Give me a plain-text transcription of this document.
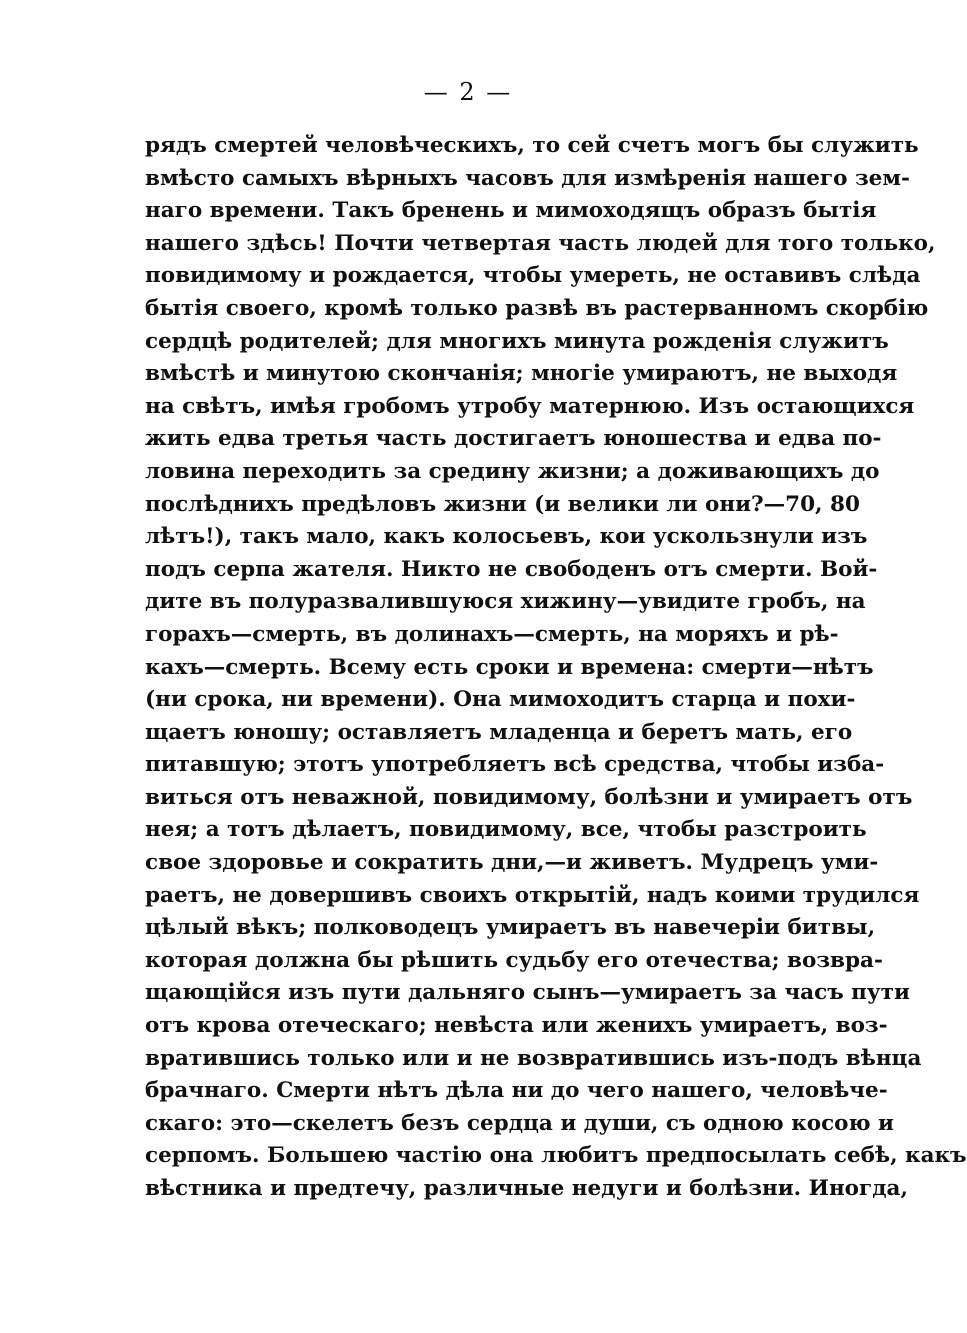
— 2 —
рядъ смертей человѣческихъ, то сей счетъ могъ бы служить
вмѣсто самыхъ вѣрныхъ часовъ для измѣренія нашего зем-
наго времени. Такъ бренень и мимоходящъ образъ бытія
нашего здѣсь! Почти четвертая часть людей для того только,
повидимому и рождается, чтобы умереть, не оставивъ слѣда
бытія своего, кромѣ только развѣ въ растерванномъ скорбію
сердцѣ родителей; для многихъ минута рожденія служитъ
вмѣстѣ и минутою скончанія; многіе умираютъ, не выходя
на свѣтъ, имѣя гробомъ утробу матернюю. Изъ остающихся
жить едва третья часть достигаетъ юношества и едва по-
ловина переходить за средину жизни; а доживающихъ до
послѣднихъ предѣловъ жизни (и велики ли они?—70, 80
лѣтъ!), такъ мало, какъ колосьевъ, кои ускользнули изъ
подъ серпа жателя. Никто не свободенъ отъ смерти. Вой-
дите въ полуразвалившуюся хижину—увидите гробъ, на
горахъ—смерть, въ долинахъ—смерть, на моряхъ и рѣ-
кахъ—смерть. Всему есть сроки и времена: смерти—нѣтъ
(ни срока, ни времени). Она мимоходитъ старца и похи-
щаетъ юношу; оставляетъ младенца и беретъ мать, его
питавшую; этотъ употребляетъ всѣ средства, чтобы изба-
виться отъ неважной, повидимому, болѣзни и умираетъ отъ
нея; а тотъ дѣлаетъ, повидимому, все, чтобы разстроить
свое здоровье и сократить дни,—и живетъ. Мудрецъ уми-
раетъ, не довершивъ своихъ открытій, надъ коими трудился
цѣлый вѣкъ; полководецъ умираетъ въ навечеріи битвы,
которая должна бы рѣшить судьбу его отечества; возвра-
щающійся изъ пути дальняго сынъ—умираетъ за часъ пути
отъ крова отеческаго; невѣста или женихъ умираетъ, воз-
вратившись только или и не возвратившись изъ-подъ вѣнца
брачнаго. Смерти нѣтъ дѣла ни до чего нашего, человѣче-
скаго: это—скелетъ безъ сердца и души, съ одною косою и
серпомъ. Большею частію она любитъ предпосылать себѣ, какъ
вѣстника и предтечу, различные недуги и болѣзни. Иногда,
